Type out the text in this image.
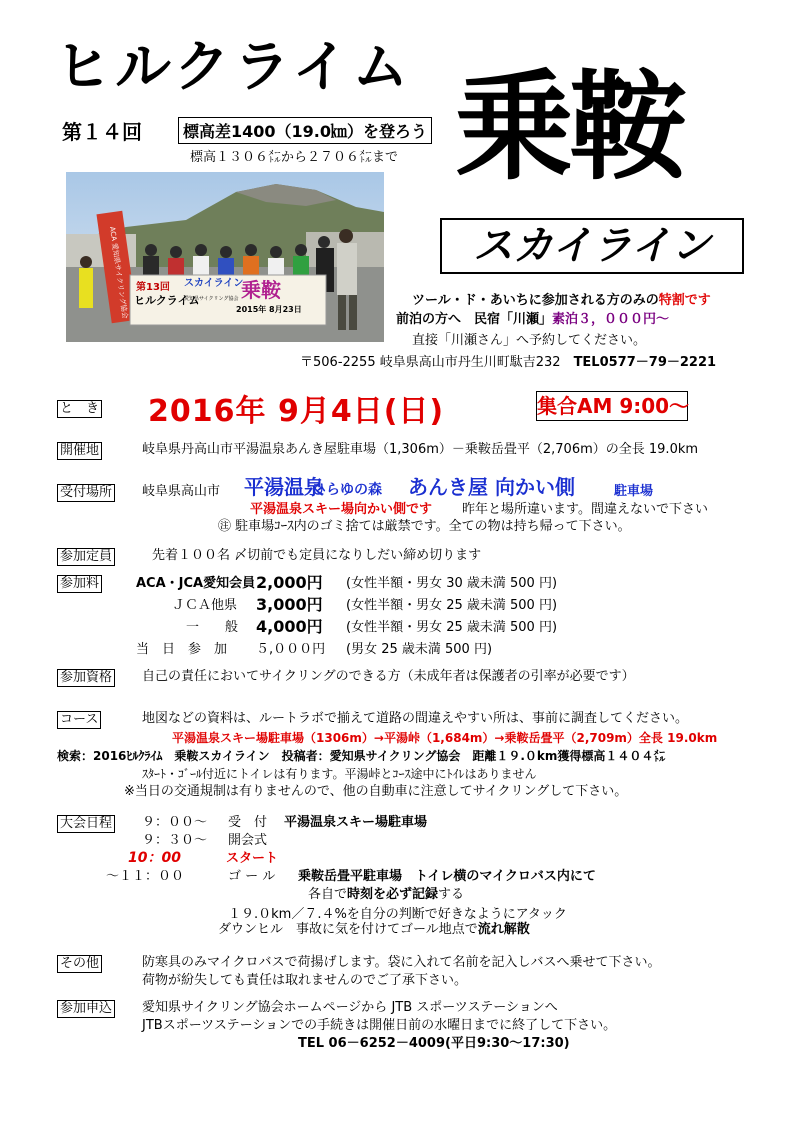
ヒルクライム
第１４回	標高差1400（19.0㎞）を登ろう
標高１３０６㍍から２７０６㍍まで 乗鞍
スカイライン
ACA 愛知県サイクリング協会 第13回
ヒルクライム
スカイライン
愛知県サイクリング協会 乗鞍
2015年 8月23日
ツール・ド・あいちに参加される方のみの特割です
前泊の方へ　民宿「川瀬」素泊３，０００円～
直接「川瀬さん」へ予約してください。
〒506-2255 岐阜県高山市丹生川町駄吉232　 TEL0577－79－2221
と　き 2016年 9月4日(日)	集合AM 9:00～
開催地	岐阜県丹高山市平湯温泉あんき屋駐車場（1,306m）－乗鞍岳畳平（2,706m）の全長 19.0km
受付場所 岐阜県高山市 平湯温泉
ひらゆの森 あんき屋 向かい側	駐車場
平湯温泉スキー場向かい側です 昨年と場所違います。間違えないで下さい
㊟ 駐車場ｺｰｽ内のゴミ捨ては厳禁です。全ての物は持ち帰って下さい。
参加定員	先着１００名 〆切前でも定員になりしだい締め切ります
参加料	ACA・JCA愛知会員 2,000円 (女性半額・男女 30 歳未満 500 円)
ＪＣＡ他県 3,000円 (女性半額・男女 25 歳未満 500 円)
一　　般 4,000円 (女性半額・男女 25 歳未満 500 円)
当　日　参　加 ５,０００円 (男女 25 歳未満 500 円)
参加資格 自己の責任においてサイクリングのできる方（未成年者は保護者の引率が必要です）
コース	地図などの資料は、ルートラボで揃えて道路の間違えやすい所は、事前に調査してください。
平湯温泉スキー場駐車場（1306m）→平湯峠（1,684m）→乗鞍岳畳平（2,709m）全長 19.0km
検索：2016ﾋﾙｸﾗｲﾑ　乗鞍スカイライン　投稿者：愛知県サイクリング協会　距離１９.０km獲得標高１４０４㍍
ｽﾀｰﾄ・ｺﾞｰﾙ付近にトイレは有ります。平湯峠とｺｰｽ途中にﾄｲﾚはありません
※当日の交通規制は有りませんので、他の自動車に注意してサイクリングして下さい。
大会日程 ９：００～ 受　付 平湯温泉スキー場駐車場
９：３０～ 開会式
10：00	スタート
～１１：００	ゴ ー ル 乗鞍岳畳平駐車場　トイレ横のマイクロバス内にて
各自で時刻を必ず記録する
１９.０km／７.４%を自分の判断で好きなようにアタック
ダウンヒル　事故に気を付けてゴール地点で流れ解散
その他	防寒具のみマイクロバスで荷揚げします。袋に入れて名前を記入しバスへ乗せて下さい。
荷物が紛失しても責任は取れませんのでご了承下さい。
参加申込 愛知県サイクリング協会ホームページから JTB スポーツステーションへ
JTBスポーツステーションでの手続きは開催日前の水曜日までに終了して下さい。
TEL 06－6252－4009(平日9:30～17:30)
